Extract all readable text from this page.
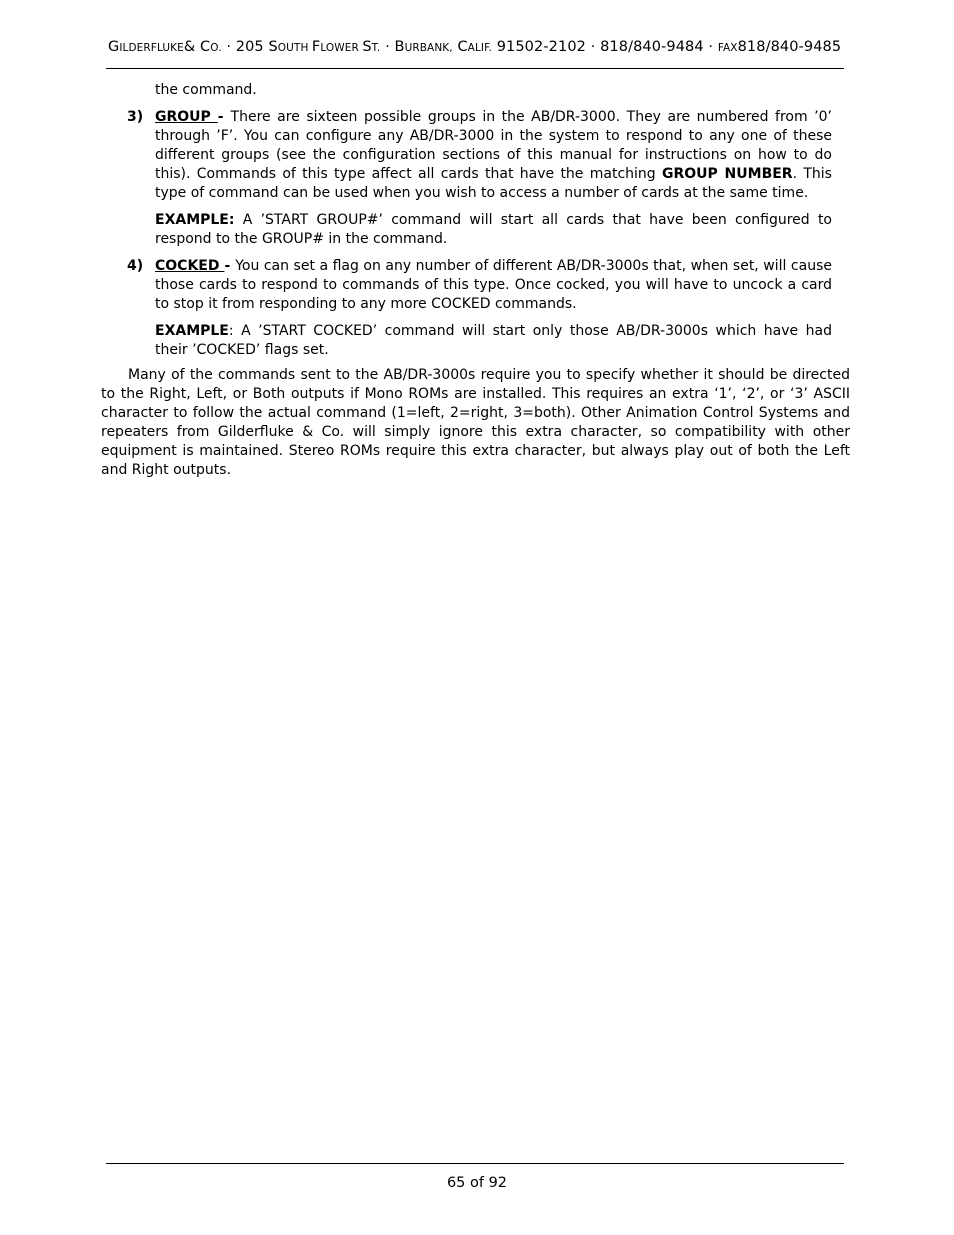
GILDERFLUKE& CO. · 205 SOUTH FLOWER ST. · BURBANK, CALIF. 91502-2102 · 818/840-9484 · FAX818/840-9485

the command.

3) GROUP - There are sixteen possible groups in the AB/DR-3000. They are numbered from ’0’ through ’F’. You can configure any AB/DR-3000 in the system to respond to any one of these different groups (see the configuration sections of this manual for instructions on how to do this). Commands of this type affect all cards that have the matching GROUP NUMBER. This type of command can be used when you wish to access a number of cards at the same time.

EXAMPLE: A ’START GROUP#’ command will start all cards that have been configured to respond to the GROUP# in the command.

4) COCKED - You can set a flag on any number of different AB/DR-3000s that, when set, will cause those cards to respond to commands of this type. Once cocked, you will have to uncock a card to stop it from responding to any more COCKED commands.

EXAMPLE: A ’START COCKED’ command will start only those AB/DR-3000s which have had their ’COCKED’ flags set.

Many of the commands sent to the AB/DR-3000s require you to specify whether it should be directed to the Right, Left, or Both outputs if Mono ROMs are installed. This requires an extra ‘1’, ‘2’, or ‘3’ ASCII character to follow the actual command (1=left, 2=right, 3=both). Other Animation Control Systems and repeaters from Gilderfluke & Co. will simply ignore this extra character, so compatibility with other equipment is maintained. Stereo ROMs require this extra character, but always play out of both the Left and Right outputs.

65 of 92
